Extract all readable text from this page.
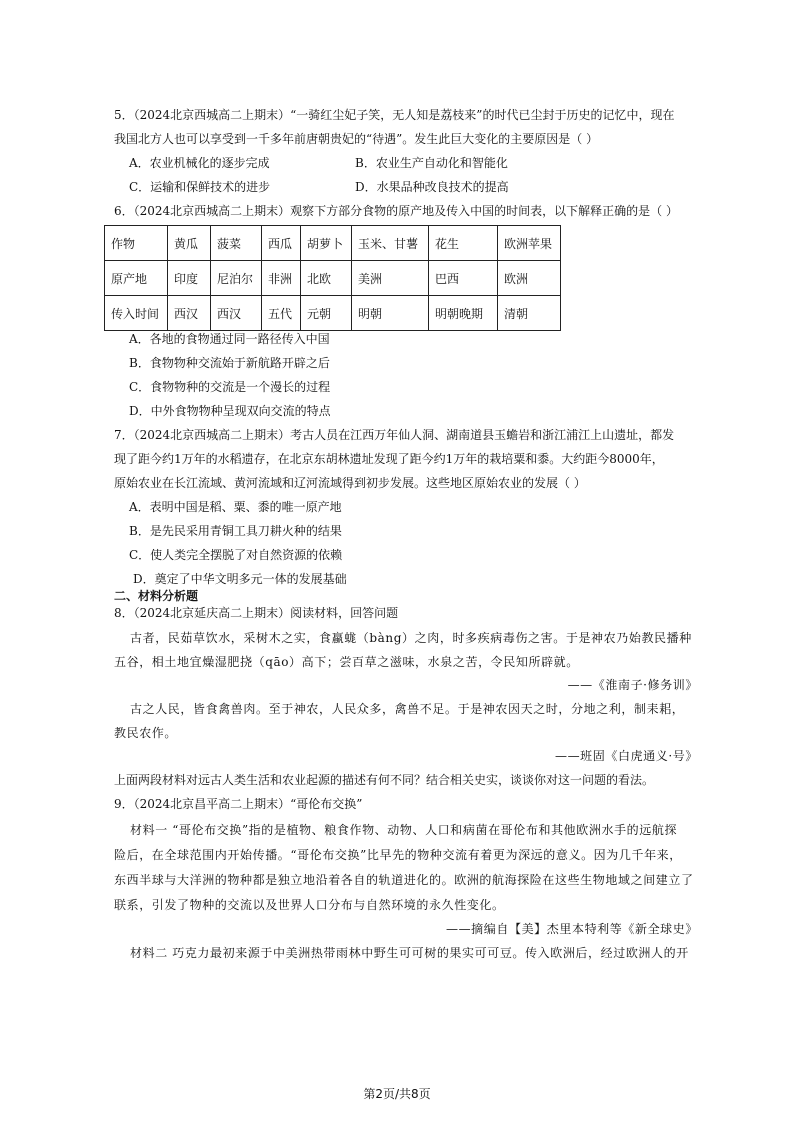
5．（2024北京西城高二上期末）“一骑红尘妃子笑，无人知是荔枝来”的时代已尘封于历史的记忆中，现在
我国北方人也可以享受到一千多年前唐朝贵妃的“待遇”。发生此巨大变化的主要原因是（ ）
A．农业机械化的逐步完成	B．农业生产自动化和智能化
C．运输和保鲜技术的进步	D．水果品种改良技术的提高
6．（2024北京西城高二上期末）观察下方部分食物的原产地及传入中国的时间表，以下解释正确的是（ ）
作物	黄瓜	菠菜	西瓜	胡萝卜	玉米、甘薯	花生	欧洲苹果
原产地	印度	尼泊尔	非洲	北欧	美洲	巴西	欧洲
传入时间	西汉	西汉	五代	元朝	明朝	明朝晚期	清朝
A．各地的食物通过同一路径传入中国
B．食物物种交流始于新航路开辟之后
C．食物物种的交流是一个漫长的过程
D．中外食物物种呈现双向交流的特点
7．（2024北京西城高二上期末）考古人员在江西万年仙人洞、湖南道县玉蟾岩和浙江浦江上山遗址，都发
现了距今约1万年的水稻遗存，在北京东胡林遗址发现了距今约1万年的栽培粟和黍。大约距今8000年，
原始农业在长江流域、黄河流域和辽河流域得到初步发展。这些地区原始农业的发展（ ）
A．表明中国是稻、粟、黍的唯一原产地
B．是先民采用青铜工具刀耕火种的结果
C．使人类完全摆脱了对自然资源的依赖
D．奠定了中华文明多元一体的发展基础
二、材料分析题
8．（2024北京延庆高二上期末）阅读材料，回答问题
古者，民茹草饮水，采树木之实，食蠃蛖（bàng）之肉，时多疾病毒伤之害。于是神农乃始教民播种
五谷，相土地宜燥湿肥挠（qāo）高下；尝百草之滋味，水泉之苦，令民知所辟就。
——《淮南子·修务训》
古之人民，皆食禽兽肉。至于神农，人民众多，禽兽不足。于是神农因天之时，分地之利，制耒耜，
教民农作。
——班固《白虎通义·号》
上面两段材料对远古人类生活和农业起源的描述有何不同？结合相关史实，谈谈你对这一问题的看法。
9．（2024北京昌平高二上期末）“哥伦布交换”
材料一 “哥伦布交换”指的是植物、粮食作物、动物、人口和病菌在哥伦布和其他欧洲水手的远航探
险后，在全球范围内开始传播。“哥伦布交换”比早先的物种交流有着更为深远的意义。因为几千年来，
东西半球与大洋洲的物种都是独立地沿着各自的轨道进化的。欧洲的航海探险在这些生物地域之间建立了
联系，引发了物种的交流以及世界人口分布与自然环境的永久性变化。
——摘编自【美】杰里本特利等《新全球史》
材料二 巧克力最初来源于中美洲热带雨林中野生可可树的果实可可豆。传入欧洲后，经过欧洲人的开
第2页/共8页
